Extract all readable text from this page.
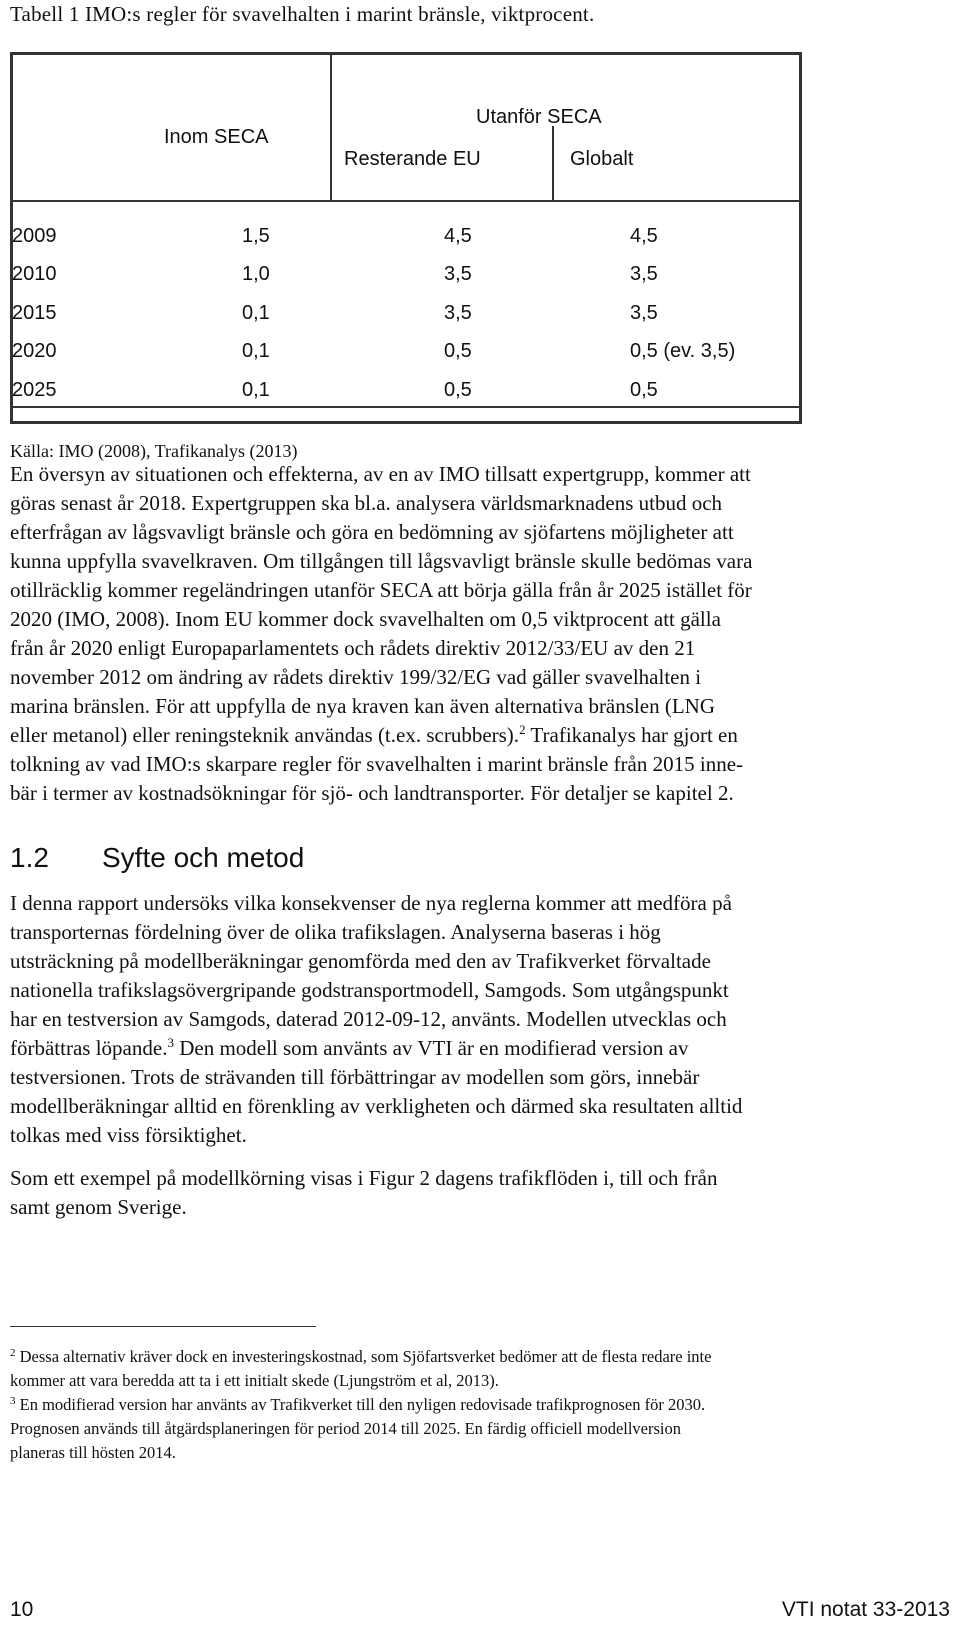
Tabell 1 IMO:s regler för svavelhalten i marint bränsle, viktprocent.
Inom SECA
Utanför SECA
Resterande EU	Globalt
2009	1,5	4,5	4,5
2010	1,0	3,5	3,5
2015	0,1	3,5	3,5
2020	0,1	0,5	0,5 (ev. 3,5)
2025	0,1	0,5	0,5
Källa: IMO (2008), Trafikanalys (2013)
En översyn av situationen och effekterna, av en av IMO tillsatt expertgrupp, kommer att
göras senast år 2018. Expertgruppen ska bl.a. analysera världsmarknadens utbud och
efterfrågan av lågsvavligt bränsle och göra en bedömning av sjöfartens möjligheter att
kunna uppfylla svavelkraven. Om tillgången till lågsvavligt bränsle skulle bedömas vara
otillräcklig kommer regeländringen utanför SECA att börja gälla från år 2025 istället för
2020 (IMO, 2008). Inom EU kommer dock svavelhalten om 0,5 viktprocent att gälla
från år 2020 enligt Europaparlamentets och rådets direktiv 2012/33/EU av den 21
november 2012 om ändring av rådets direktiv 199/32/EG vad gäller svavelhalten i
marina bränslen. För att uppfylla de nya kraven kan även alternativa bränslen (LNG
eller metanol) eller reningsteknik användas (t.ex. scrubbers).$^2$ Trafikanalys har gjort en
tolkning av vad IMO:s skarpare regler för svavelhalten i marint bränsle från 2015 inne-
bär i termer av kostnadsökningar för sjö- och landtransporter. För detaljer se kapitel 2.
1.2 Syfte och metod
I denna rapport undersöks vilka konsekvenser de nya reglerna kommer att medföra på
transporternas fördelning över de olika trafikslagen. Analyserna baseras i hög
utsträckning på modellberäkningar genomförda med den av Trafikverket förvaltade
nationella trafikslagsövergripande godstransportmodell, Samgods. Som utgångspunkt
har en testversion av Samgods, daterad 2012-09-12, använts. Modellen utvecklas och
förbättras löpande.$^3$ Den modell som använts av VTI är en modifierad version av
testversionen. Trots de strävanden till förbättringar av modellen som görs, innebär
modellberäkningar alltid en förenkling av verkligheten och därmed ska resultaten alltid
tolkas med viss försiktighet.
Som ett exempel på modellkörning visas i Figur 2 dagens trafikflöden i, till och från
samt genom Sverige.
$^2$ Dessa alternativ kräver dock en investeringskostnad, som Sjöfartsverket bedömer att de flesta redare inte
kommer att vara beredda att ta i ett initialt skede (Ljungström et al, 2013).
$^3$ En modifierad version har använts av Trafikverket till den nyligen redovisade trafikprognosen för 2030.
Prognosen används till åtgärdsplaneringen för period 2014 till 2025. En färdig officiell modellversion
planeras till hösten 2014.
10	VTI notat 33-2013
